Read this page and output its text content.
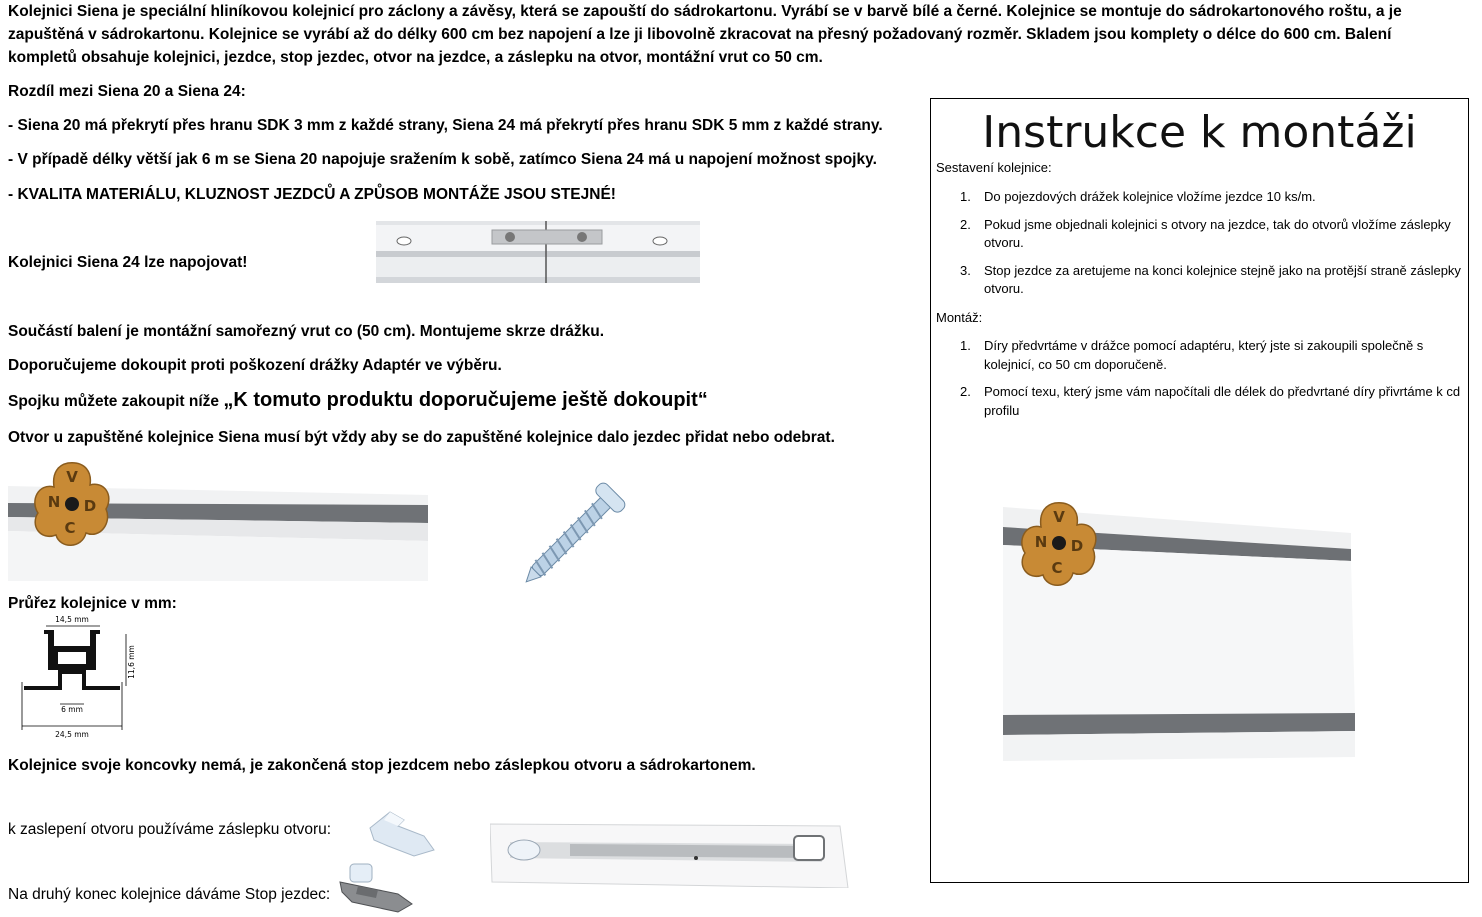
Kolejnici Siena je speciální hliníkovou kolejnicí pro záclony a závěsy, která se zapouští do sádrokartonu. Vyrábí se v barvě bílé a černé. Kolejnice se montuje do sádrokartonového roštu, a je zapuštěná v sádrokartonu. Kolejnice se vyrábí až do délky 600 cm bez napojení a lze ji libovolně zkracovat na přesný požadovaný rozměr. Skladem jsou komplety o délce do 600 cm. Balení kompletů obsahuje kolejnici, jezdce, stop jezdec, otvor na jezdce, a záslepku na otvor, montážní vrut co 50 cm.

Rozdíl mezi Siena 20 a Siena 24:

- Siena 20 má překrytí přes hranu SDK 3 mm z každé strany, Siena 24 má překrytí přes hranu SDK 5 mm z každé strany.

- V případě délky větší jak 6 m se Siena 20 napojuje sražením k sobě, zatímco Siena 24 má u napojení možnost spojky.

- KVALITA MATERIÁLU, KLUZNOST JEZDCŮ A ZPŮSOB MONTÁŽE JSOU STEJNÉ!

Kolejnici Siena 24 lze napojovat!

Součástí balení je montážní samořezný vrut co (50 cm). Montujeme skrze drážku.

Doporučujeme dokoupit proti poškození drážky Adaptér ve výběru.

Spojku můžete zakoupit níže „K tomuto produktu doporučujeme ještě dokoupit“

Otvor u zapuštěné kolejnice Siena musí být vždy aby se do zapuštěné kolejnice dalo jezdec přidat nebo odebrat.

V
N D
C

Průřez kolejnice v mm:

14,5 mm
11,6 mm
6 mm
24,5 mm

Kolejnice svoje koncovky nemá, je zakončená stop jezdcem nebo záslepkou otvoru a sádrokartonem.

k zaslepení otvoru používáme záslepku otvoru:

Na druhý konec kolejnice dáváme Stop jezdec:

Instrukce k montáži
Sestavení kolejnice:
1. Do pojezdových drážek kolejnice vložíme jezdce 10 ks/m.
2. Pokud jsme objednali kolejnici s otvory na jezdce, tak do otvorů vložíme záslepky otvoru.
3. Stop jezdce za aretujeme na konci kolejnice stejně jako na protější straně záslepky otvoru.
Montáž:
1. Díry předvrtáme v drážce pomocí adaptéru, který jste si zakoupili společně s kolejnicí, co 50 cm doporučeně.
2. Pomocí texu, který jsme vám napočítali dle délek do předvrtané díry přivrtáme k cd profilu
V
N D
C
